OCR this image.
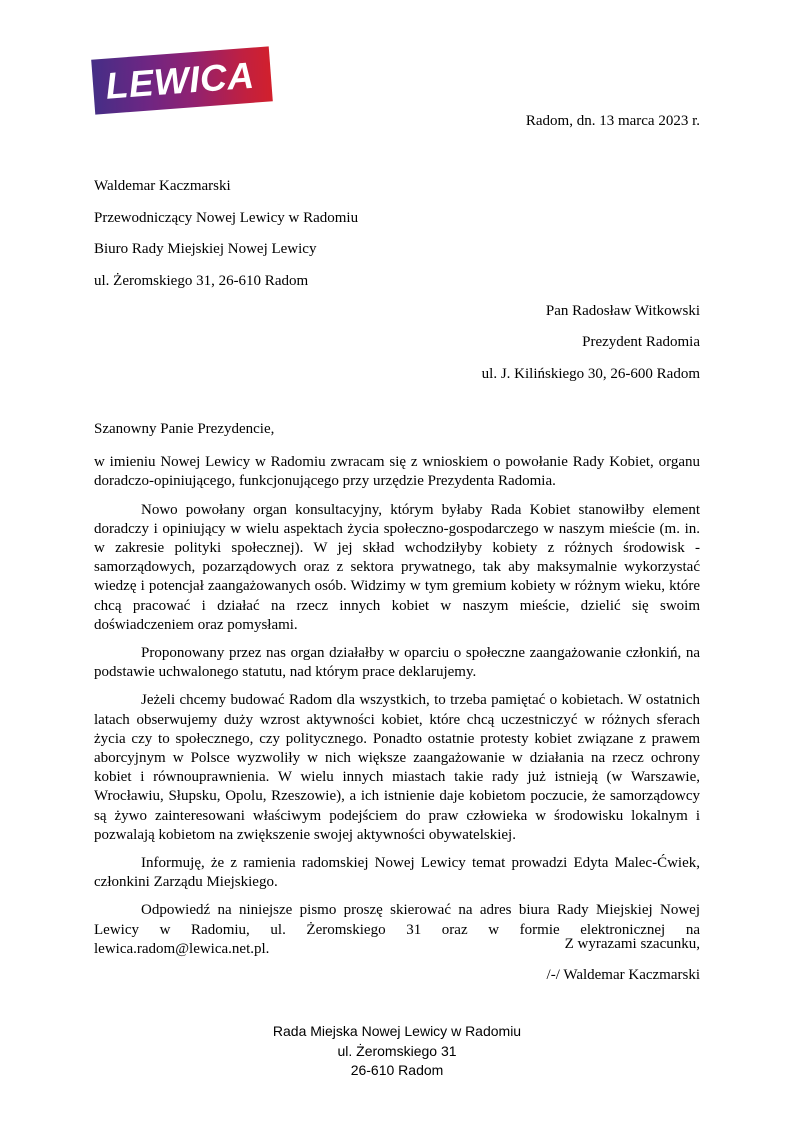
LEWICA
Radom, dn. 13 marca 2023 r.
Waldemar Kaczmarski
Przewodniczący Nowej Lewicy w Radomiu
Biuro Rady Miejskiej Nowej Lewicy
ul. Żeromskiego 31, 26-610 Radom
Pan Radosław Witkowski
Prezydent Radomia
ul. J. Kilińskiego 30, 26-600 Radom

Szanowny Panie Prezydencie,

w imieniu Nowej Lewicy w Radomiu zwracam się z wnioskiem o powołanie Rady Kobiet, organu doradczo-opiniującego, funkcjonującego przy urzędzie Prezydenta Radomia.

Nowo powołany organ konsultacyjny, którym byłaby Rada Kobiet stanowiłby element doradczy i opiniujący w wielu aspektach życia społeczno-gospodarczego w naszym mieście (m. in. w zakresie polityki społecznej). W jej skład wchodziłyby kobiety z różnych środowisk - samorządowych, pozarządowych oraz z sektora prywatnego, tak aby maksymalnie wykorzystać wiedzę i potencjał zaangażowanych osób. Widzimy w tym gremium kobiety w różnym wieku, które chcą pracować i działać na rzecz innych kobiet w naszym mieście, dzielić się swoim doświadczeniem oraz pomysłami.

Proponowany przez nas organ działałby w oparciu o społeczne zaangażowanie członkiń, na podstawie uchwalonego statutu, nad którym prace deklarujemy.

Jeżeli chcemy budować Radom dla wszystkich, to trzeba pamiętać o kobietach. W ostatnich latach obserwujemy duży wzrost aktywności kobiet, które chcą uczestniczyć w różnych sferach życia czy to społecznego, czy politycznego. Ponadto ostatnie protesty kobiet związane z prawem aborcyjnym w Polsce wyzwoliły w nich większe zaangażowanie w działania na rzecz ochrony kobiet i równouprawnienia. W wielu innych miastach takie rady już istnieją (w Warszawie, Wrocławiu, Słupsku, Opolu, Rzeszowie), a ich istnienie daje kobietom poczucie, że samorządowcy są żywo zainteresowani właściwym podejściem do praw człowieka w środowisku lokalnym i pozwalają kobietom na zwiększenie swojej aktywności obywatelskiej.

Informuję, że z ramienia radomskiej Nowej Lewicy temat prowadzi Edyta Malec-Ćwiek, członkini Zarządu Miejskiego.

Odpowiedź na niniejsze pismo proszę skierować na adres biura Rady Miejskiej Nowej Lewicy w Radomiu, ul. Żeromskiego 31 oraz w formie elektronicznej na lewica.radom@lewica.net.pl.	Z wyrazami szacunku,
/-/ Waldemar Kaczmarski
Rada Miejska Nowej Lewicy w Radomiu
ul. Żeromskiego 31
26-610 Radom
